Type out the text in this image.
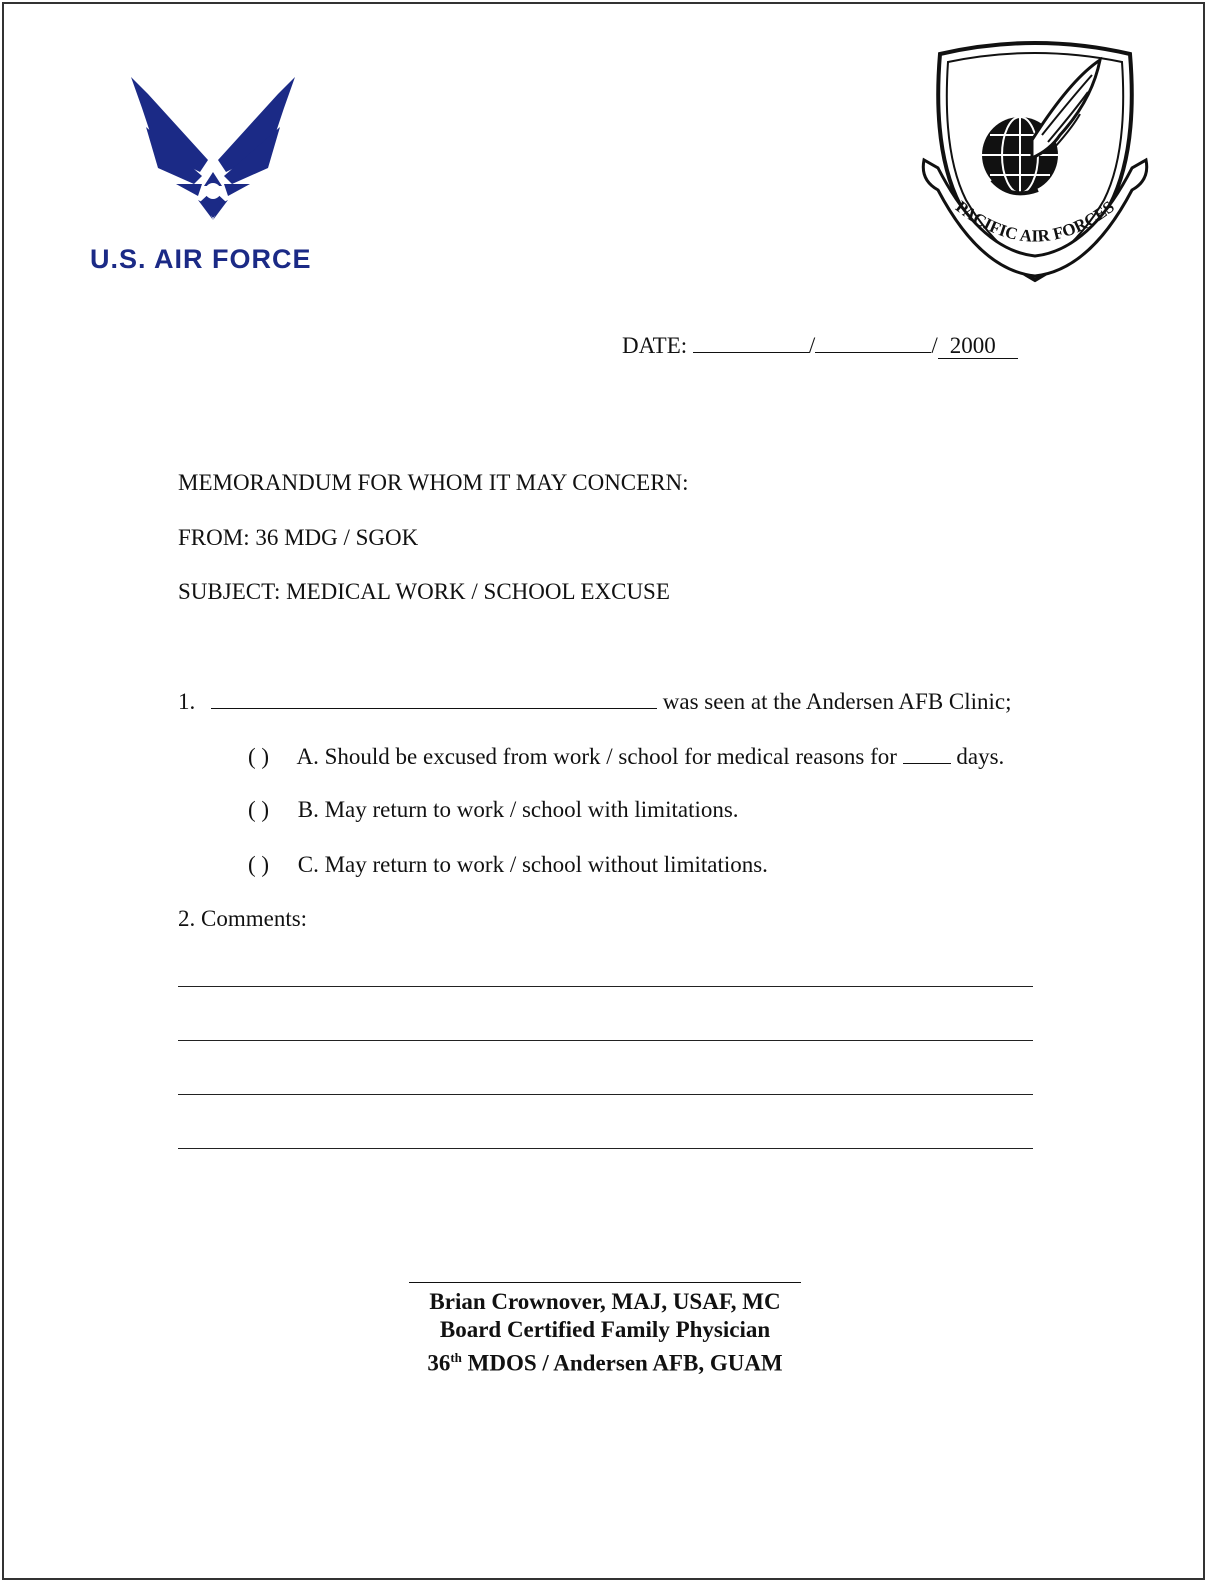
U.S. AIR FORCE
PACIFIC AIR FORCES
DATE:	/	/ 2000
MEMORANDUM FOR WHOM IT MAY CONCERN:
FROM: 36 MDG / SGOK
SUBJECT: MEDICAL WORK / SCHOOL EXCUSE
1.	was seen at the Andersen AFB Clinic;
( ) A. Should be excused from work / school for medical reasons for	days.
( ) B. May return to work / school with limitations.
( ) C. May return to work / school without limitations.
2. Comments:
Brian Crownover, MAJ, USAF, MC
Board Certified Family Physician
36th MDOS / Andersen AFB, GUAM
